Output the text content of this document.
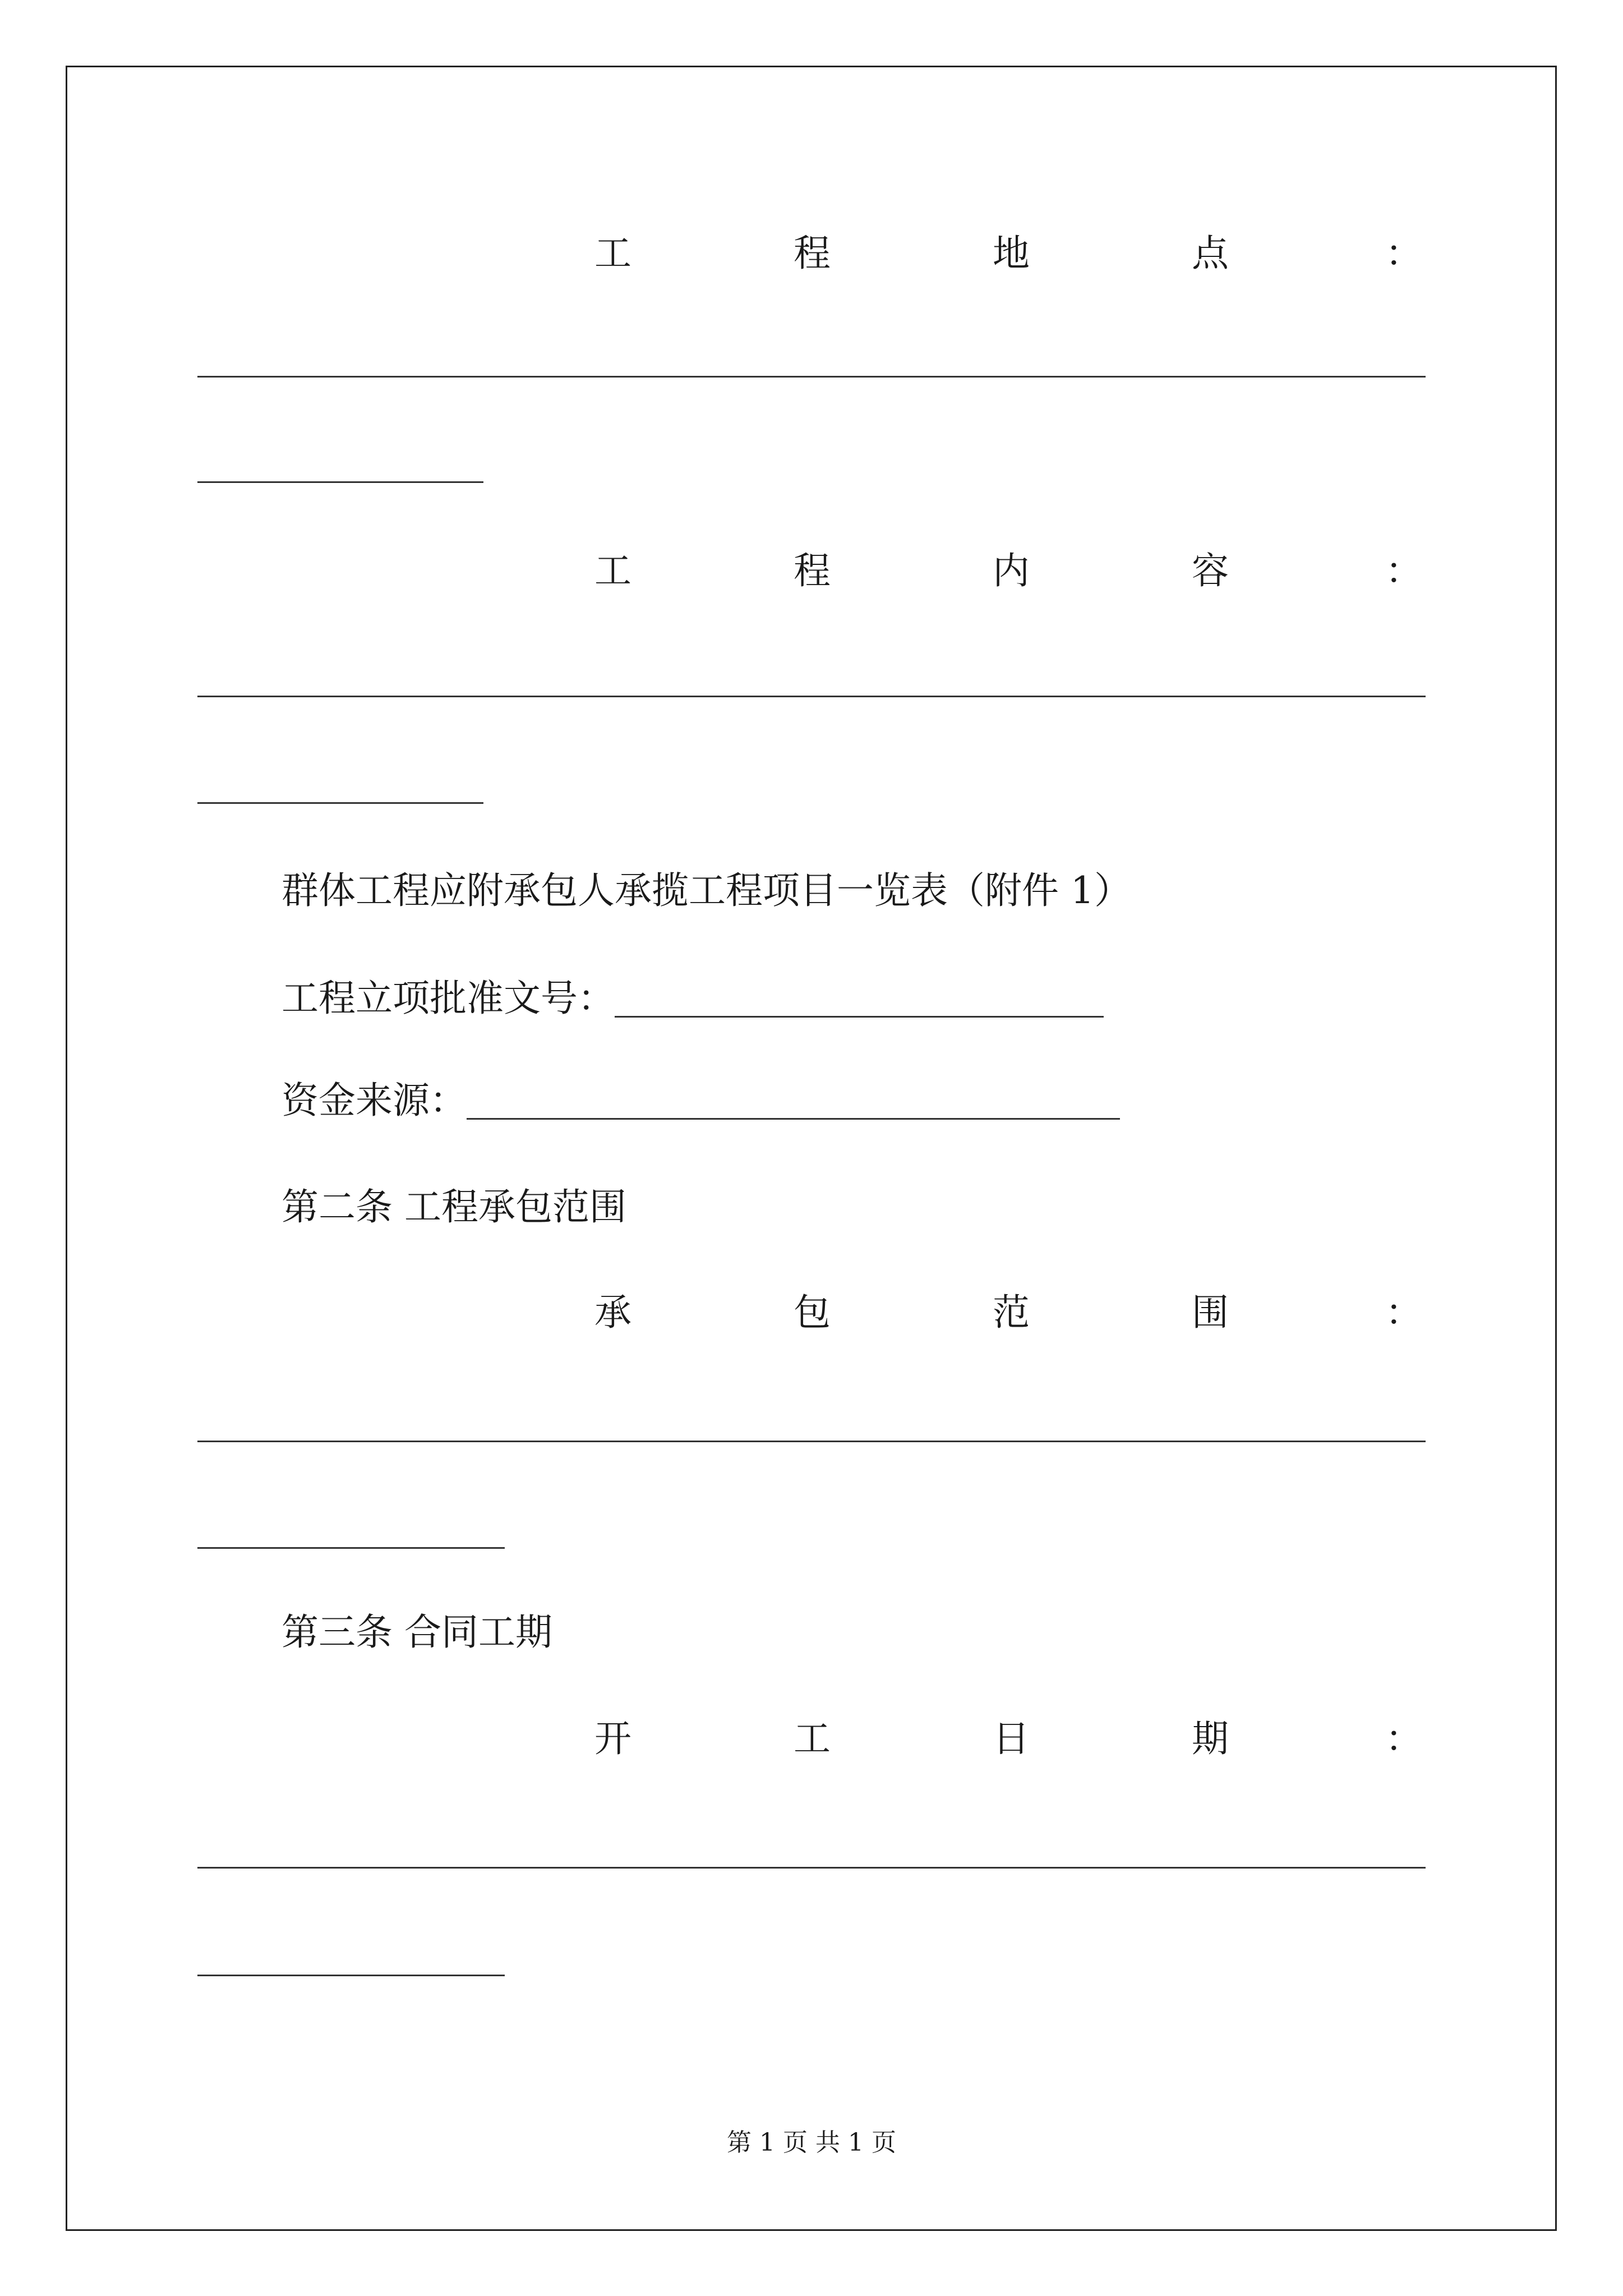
工	程	地	点	：
工	程	内	容	：
群体工程应附承包人承揽工程项目一览表（附件 1）
工程立项批准文号：
资金来源：
第二条 工程承包范围
承	包	范	围	：
第三条 合同工期
开	工	日	期	：
第 1 页 共 1 页
